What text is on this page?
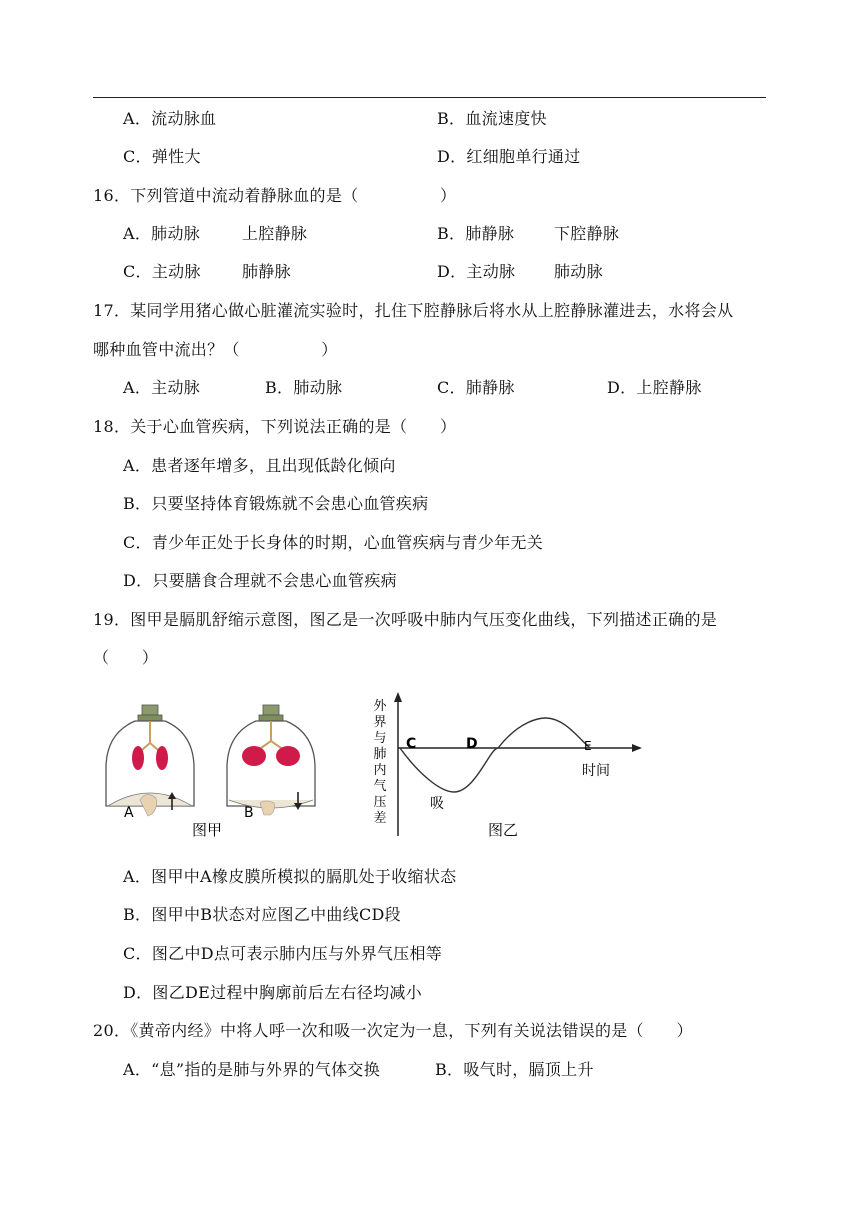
A．流动脉血	B．血流速度快
C．弹性大	D．红细胞单行通过
16．下列管道中流动着静脉血的是（　　　　　）
A．肺动脉	上腔静脉	B．肺静脉 下腔静脉
C．主动脉	肺静脉	D．主动脉 肺动脉
17．某同学用猪心做心脏灌流实验时，扎住下腔静脉后将水从上腔静脉灌进去，水将会从
哪种血管中流出？（　　　　　）
A．主动脉	B．肺动脉	C．肺静脉	D．上腔静脉
18．关于心血管疾病，下列说法正确的是（　　）
A．患者逐年增多，且出现低龄化倾向
B．只要坚持体育锻炼就不会患心血管疾病
C．青少年正处于长身体的时期，心血管疾病与青少年无关
D．只要膳食合理就不会患心血管疾病
19．图甲是膈肌舒缩示意图，图乙是一次呼吸中肺内气压变化曲线，下列描述正确的是
（　　）
A	B
图甲
外界与肺内气压差
C	D	E
时间
吸
图乙
A．图甲中A橡皮膜所模拟的膈肌处于收缩状态
B．图甲中B状态对应图乙中曲线CD段
C．图乙中D点可表示肺内压与外界气压相等
D．图乙DE过程中胸廓前后左右径均减小
20．《黄帝内经》中将人呼一次和吸一次定为一息，下列有关说法错误的是（　　）
A．“息”指的是肺与外界的气体交换	B．吸气时，膈顶上升
